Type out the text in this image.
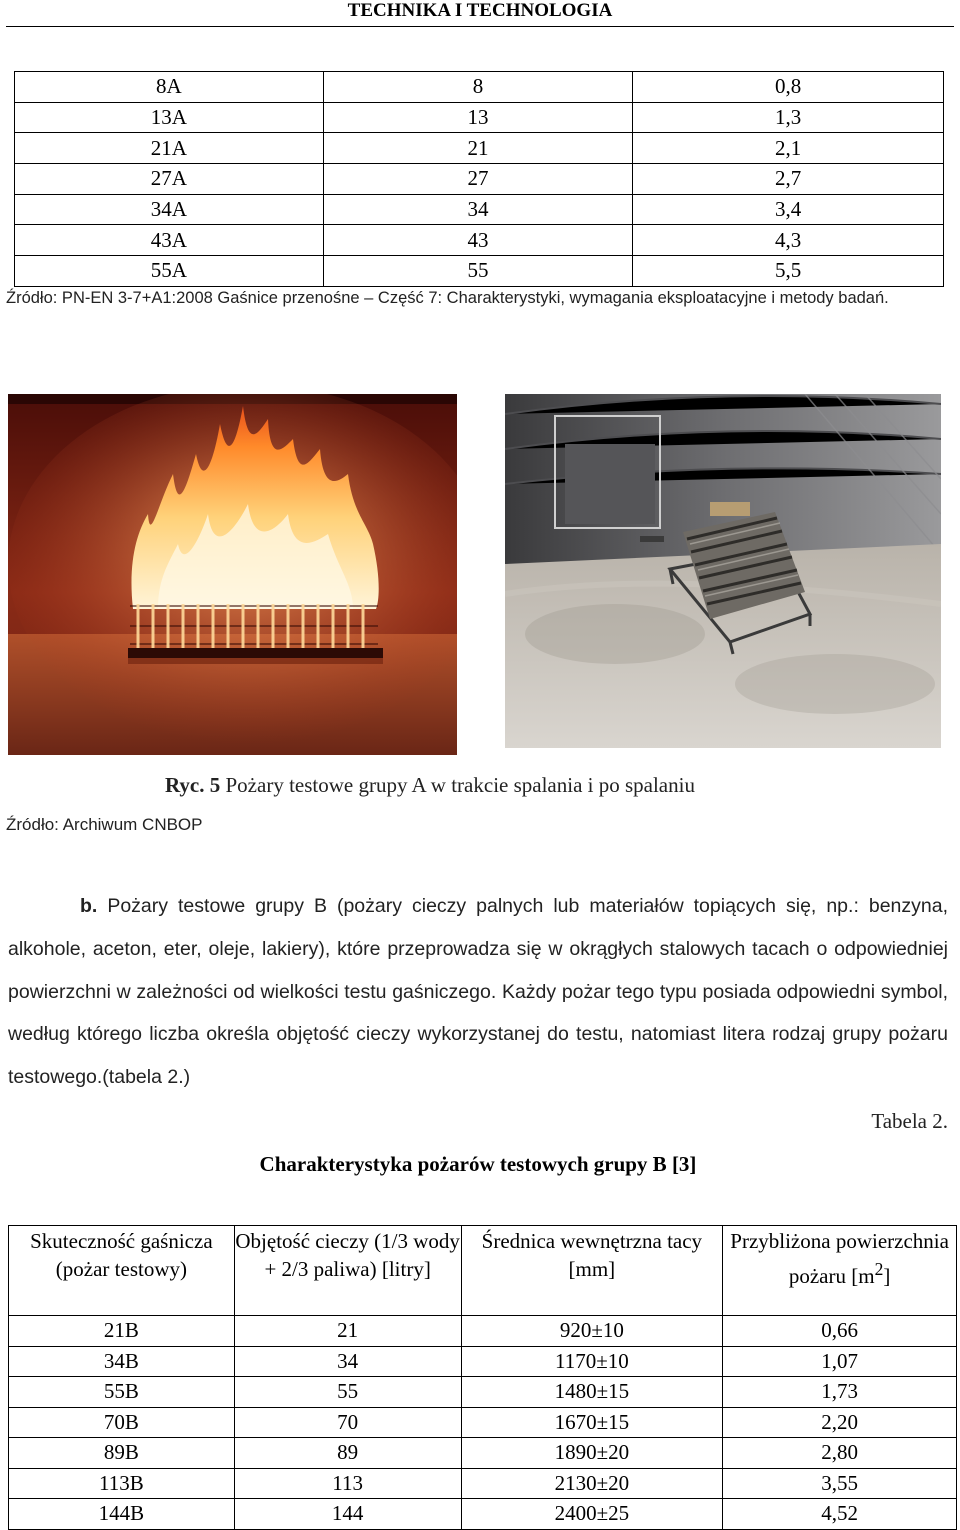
TECHNIKA I TECHNOLOGIA
8A	8	0,8
13A	13	1,3
21A	21	2,1
27A	27	2,7
34A	34	3,4
43A	43	4,3
55A	55	5,5
Źródło: PN-EN 3-7+A1:2008 Gaśnice przenośne – Część 7: Charakterystyki, wymagania eksploatacyjne i metody badań.
Ryc. 5 Pożary testowe grupy A w trakcie spalania i po spalaniu
Źródło: Archiwum CNBOP
b. Pożary testowe grupy B (pożary cieczy palnych lub materiałów topiących się, np.: benzyna, alkohole, aceton, eter, oleje, lakiery), które przeprowadza się w okrągłych stalowych tacach o odpowiedniej powierzchni w zależności od wielkości testu gaśniczego. Każdy pożar tego typu posiada odpowiedni symbol, według którego liczba określa objętość cieczy wykorzystanej do testu, natomiast litera rodzaj grupy pożaru testowego.(tabela 2.)
Tabela 2.
Charakterystyka pożarów testowych grupy B [3]
Skuteczność gaśnicza (pożar testowy)	Objętość cieczy (1/3 wody + 2/3 paliwa) [litry]	Średnica wewnętrzna tacy [mm]	Przybliżona powierzchnia pożaru $[m^2]$
21B	21	920±10	0,66
34B	34	1170±10	1,07
55B	55	1480±15	1,73
70B	70	1670±15	2,20
89B	89	1890±20	2,80
113B	113	2130±20	3,55
144B	144	2400±25	4,52
